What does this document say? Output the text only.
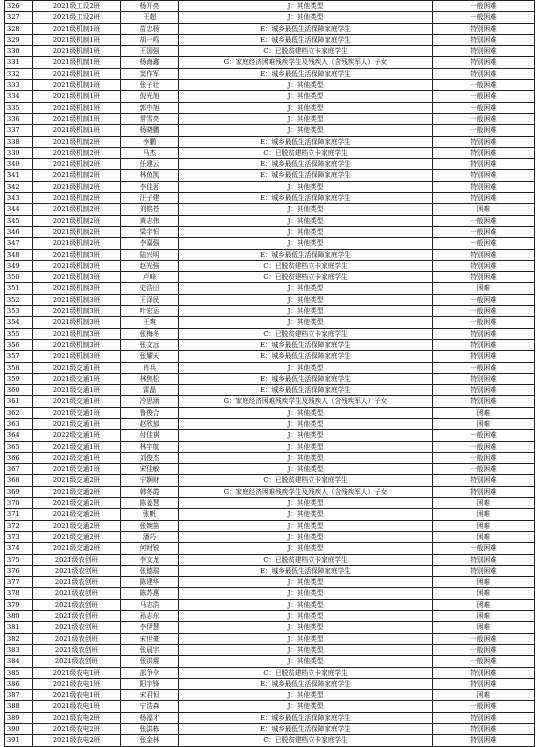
326	2021级工设2班	杨开亮	J：其他类型	一般困难
327	2021级工设2班	王超	J：其他类型	一般困难
328	2021级机制1班	苗忠杨	E：城乡最低生活保障家庭学生	特别困难
329	2021级机制1班	胡一鸣	E：城乡最低生活保障家庭学生	特别困难
330	2021级机制1班	王国强	C：已脱贫建档立卡家庭学生	特别困难
331	2021级机制1班	杨海鑫	G：家庭经济困难残疾学生及残疾人（含残疾军人）子女	特别困难
332	2021级机制1班	窦作军	E：城乡最低生活保障家庭学生	特别困难
333	2021级机制1班	张子壮	J：其他类型	一般困难
334	2021级机制1班	倪光旭	J：其他类型	一般困难
335	2021级机制1班	郭中旭	J：其他类型	一般困难
336	2021级机制1班	常雪亮	J：其他类型	一般困难
337	2021级机制1班	杨晓鹏	J：其他类型	一般困难
338	2021级机制2班	李鹏	E：城乡最低生活保障家庭学生	特别困难
339	2021级机制2班	马杰	C：已脱贫建档立卡家庭学生	特别困难
340	2021级机制2班	任建云	E：城乡最低生活保障家庭学生	特别困难
341	2021级机制2班	林鱼凯	E：城乡最低生活保障家庭学生	特别困难
342	2021级机制2班	李佳茗	J：其他类型	特别困难
343	2021级机制2班	汪子建	E：城乡最低生活保障家庭学生	特别困难
344	2021级机制2班	刘铭苍	J：其他类型	困难
345	2021级机制2班	黄志伟	J：其他类型	一般困难
346	2021级机制2班	梁宇恒	J：其他类型	一般困难
347	2021级机制2班	李嘉强	J：其他类型	一般困难
348	2021级机制3班	陆兴明	E：城乡最低生活保障家庭学生	特别困难
349	2021级机制3班	赵光强	C：已脱贫建档立卡家庭学生	特别困难
350	2021级机制3班	卢峰	C：已脱贫建档立卡家庭学生	特别困难
351	2021级机制3班	史浩田	J：其他类型	困难
352	2021级机制3班	王泽民	J：其他类型	一般困难
353	2021级机制3班	叶宏运	J：其他类型	一般困难
354	2021级机制3班	王爽	J：其他类型	一般困难
355	2021级机制3班	张梅冬	C：已脱贫建档立卡家庭学生	特别困难
356	2021级机制3班	张文远	E：城乡最低生活保障家庭学生	特别困难
357	2021级机制3班	张耀天	E：城乡最低生活保障家庭学生	特别困难
358	2021级交通1班	肖兵	J：其他类型	一般困难
359	2021级交通1班	林焦松	E：城乡最低生活保障家庭学生	特别困难
360	2021级交通1班	雷磊	E：城乡最低生活保障家庭学生	特别困难
361	2021级交通1班	冷思涵	G：家庭经济困难残疾学生及残疾人（含残疾军人）子女	特别困难
362	2021级交通1班	鲁俊合	J：其他类型	困难
363	2021级交通1班	赵欣郁	J：其他类型	困难
364	2022级交通1班	付佳祺	J：其他类型	一般困难
365	2021级交通1班	林宇航	J：其他类型	一般困难
366	2021级交通1班	刘俊杰	J：其他类型	一般困难
367	2021级交通1班	宋佳敏	J：其他类型	一般困难
368	2021级交通2班	宁娴财	C：已脱贫建档立卡家庭学生	特别困难
369	2021级交通2班	韩冬霞	G：家庭经济困难残疾学生及残疾人（含残疾军人）子女	特别困难
370	2021级交通2班	陈姜慧	J：其他类型	困难
371	2021级交通2班	张帆	J：其他类型	困难
372	2021级交通2班	张婉笛	J：其他类型	困难
373	2021级交通2班	潘巧	J：其他类型	困难
374	2021级交通2班	何财锐	J：其他类型	一般困难
375	2021级农创班	李文龙	C：已脱贫建档立卡家庭学生	特别困难
376	2021级农创班	张德瑞	E：城乡最低生活保障家庭学生	特别困难
377	2021级农创班	陈建华	J：其他类型	困难
378	2021级农创班	陈苏惠	J：其他类型	困难
379	2021级农创班	马志浩	J：其他类型	困难
380	2021级农创班	孙志东	J：其他类型	困难
381	2021级农创班	李伊慧	J：其他类型	困难
382	2021级农创班	宋世豪	J：其他类型	一般困难
383	2021级农创班	张晨宇	J：其他类型	一般困难
384	2021级农创班	张洪震	J：其他类型	一般困难
385	2021级农电1班	邵争伞	C：已脱贫建档立卡家庭学生	特别困难
386	2021级农电1班	阳宇锋	E：城乡最低生活保障家庭学生	特别困难
387	2021级农电1班	宋君恒	J：其他类型	困难
388	2021级农电1班	宁浩森	J：其他类型	一般困难
389	2021级农电2班	杨福才	E：城乡最低生活保障家庭学生	特别困难
390	2021级农电2班	张洪栋	E：城乡最低生活保障家庭学生	特别困难
391	2021级农电2班	张金林	C：已脱贫建档立卡家庭学生	特别困难
